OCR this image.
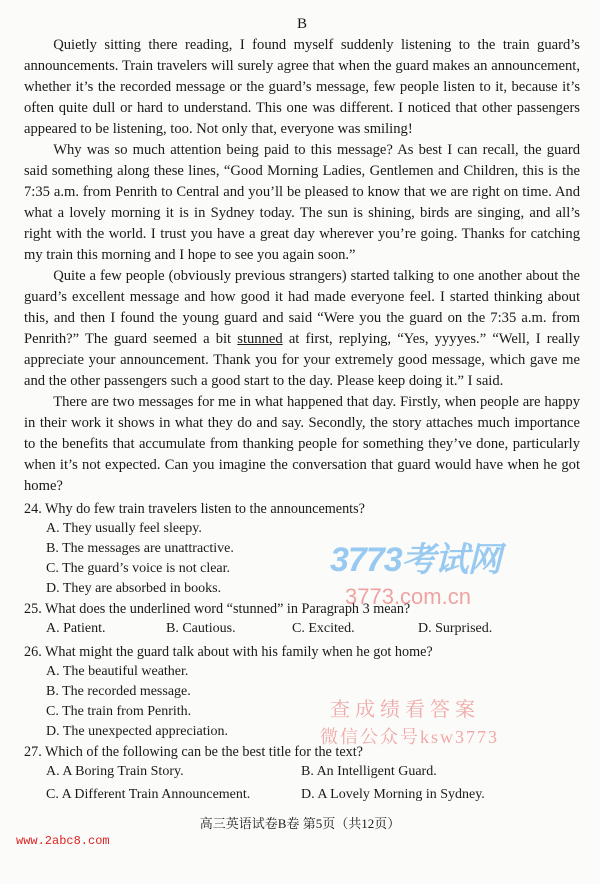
B

Quietly sitting there reading, I found myself suddenly listening to the train guard’s announcements. Train travelers will surely agree that when the guard makes an announcement, whether it’s the recorded message or the guard’s message, few people listen to it, because it’s often quite dull or hard to understand. This one was different. I noticed that other passengers appeared to be listening, too. Not only that, everyone was smiling!

Why was so much attention being paid to this message? As best I can recall, the guard said something along these lines, “Good Morning Ladies, Gentlemen and Children, this is the 7:35 a.m. from Penrith to Central and you’ll be pleased to know that we are right on time. And what a lovely morning it is in Sydney today. The sun is shining, birds are singing, and all’s right with the world. I trust you have a great day wherever you’re going. Thanks for catching my train this morning and I hope to see you again soon.”

Quite a few people (obviously previous strangers) started talking to one another about the guard’s excellent message and how good it had made everyone feel. I started thinking about this, and then I found the young guard and said “Were you the guard on the 7:35 a.m. from Penrith?” The guard seemed a bit stunned at first, replying, “Yes, yyyyes.” “Well, I really appreciate your announcement. Thank you for your extremely good message, which gave me and the other passengers such a good start to the day. Please keep doing it.” I said.

There are two messages for me in what happened that day. Firstly, when people are happy in their work it shows in what they do and say. Secondly, the story attaches much importance to the benefits that accumulate from thanking people for something they’ve done, particularly when it’s not expected. Can you imagine the conversation that guard would have when he got home?

24. Why do few train travelers listen to the announcements?

A. They usually feel sleepy.
B. The messages are unattractive.
C. The guard’s voice is not clear.
D. They are absorbed in books.

25. What does the underlined word “stunned” in Paragraph 3 mean?

A. Patient.	B. Cautious.	C. Excited.	D. Surprised.

26. What might the guard talk about with his family when he got home?

A. The beautiful weather.
B. The recorded message.
C. The train from Penrith.
D. The unexpected appreciation.

27. Which of the following can be the best title for the text?

A. A Boring Train Story.	B. An Intelligent Guard.
C. A Different Train Announcement.	D. A Lovely Morning in Sydney.
高三英语试卷B卷 第5页（共12页）
www.2abc8.com
3773考试网
3773.com.cn
查成绩看答案
微信公众号ksw3773
